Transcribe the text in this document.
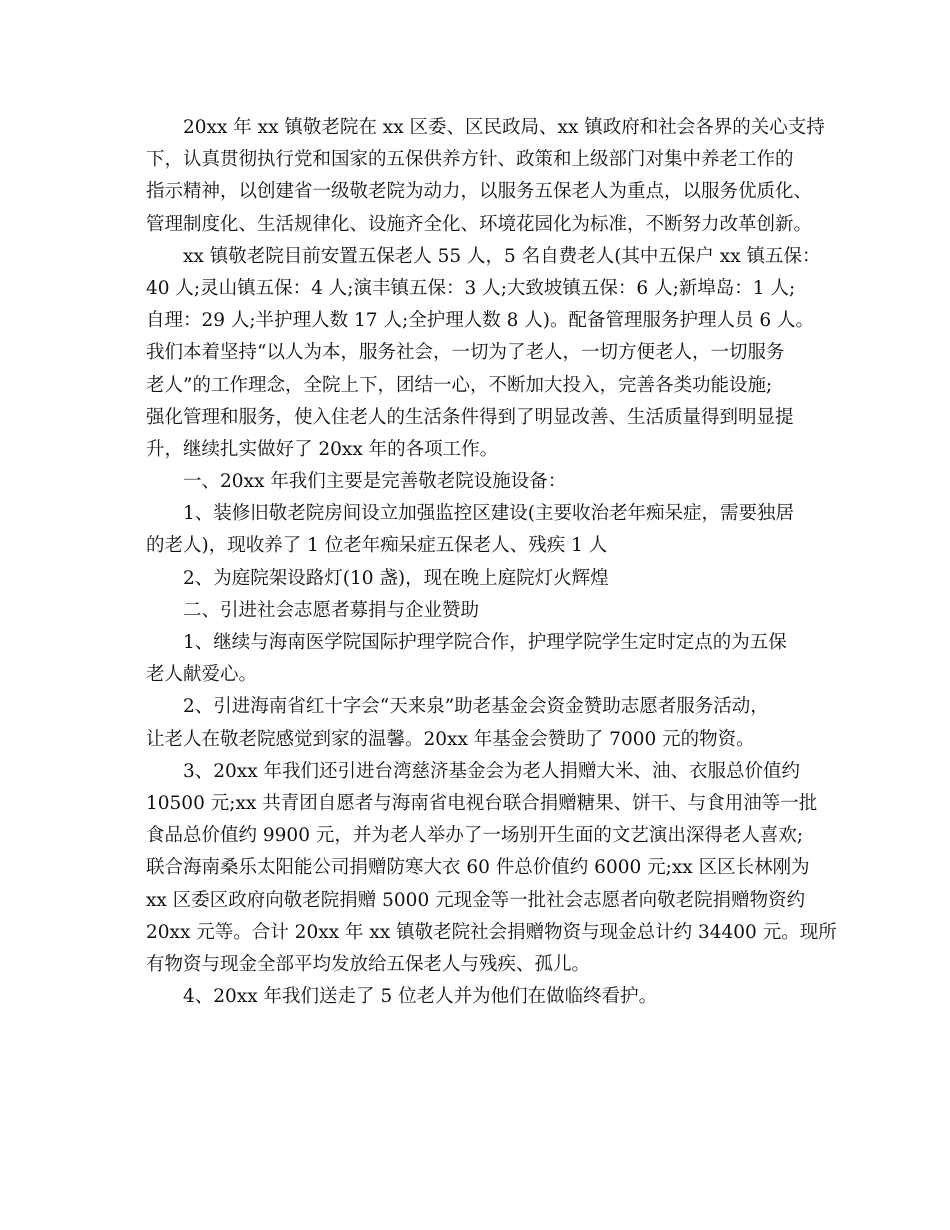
20xx 年 xx 镇敬老院在 xx 区委、区民政局、xx 镇政府和社会各界的关心支持
下，认真贯彻执行党和国家的五保供养方针、政策和上级部门对集中养老工作的
指示精神，以创建省一级敬老院为动力，以服务五保老人为重点，以服务优质化、
管理制度化、生活规律化、设施齐全化、环境花园化为标准，不断努力改革创新。
xx 镇敬老院目前安置五保老人 55 人，5 名自费老人(其中五保户 xx 镇五保：
40 人;灵山镇五保：4 人;演丰镇五保：3 人;大致坡镇五保：6 人;新埠岛：1 人;
自理：29 人;半护理人数 17 人;全护理人数 8 人)。配备管理服务护理人员 6 人。
我们本着坚持“以人为本，服务社会，一切为了老人，一切方便老人，一切服务
老人”的工作理念，全院上下，团结一心，不断加大投入，完善各类功能设施;
强化管理和服务，使入住老人的生活条件得到了明显改善、生活质量得到明显提
升，继续扎实做好了 20xx 年的各项工作。
一、20xx 年我们主要是完善敬老院设施设备：
1、装修旧敬老院房间设立加强监控区建设(主要收治老年痴呆症，需要独居
的老人)，现收养了 1 位老年痴呆症五保老人、残疾 1 人
2、为庭院架设路灯(10 盏)，现在晚上庭院灯火辉煌
二、引进社会志愿者募捐与企业赞助
1、继续与海南医学院国际护理学院合作，护理学院学生定时定点的为五保
老人献爱心。
2、引进海南省红十字会“天来泉”助老基金会资金赞助志愿者服务活动，
让老人在敬老院感觉到家的温馨。20xx 年基金会赞助了 7000 元的物资。
3、20xx 年我们还引进台湾慈济基金会为老人捐赠大米、油、衣服总价值约
10500 元;xx 共青团自愿者与海南省电视台联合捐赠糖果、饼干、与食用油等一批
食品总价值约 9900 元，并为老人举办了一场别开生面的文艺演出深得老人喜欢;
联合海南桑乐太阳能公司捐赠防寒大衣 60 件总价值约 6000 元;xx 区区长林刚为
xx 区委区政府向敬老院捐赠 5000 元现金等一批社会志愿者向敬老院捐赠物资约
20xx 元等。合计 20xx 年 xx 镇敬老院社会捐赠物资与现金总计约 34400 元。现所
有物资与现金全部平均发放给五保老人与残疾、孤儿。
4、20xx 年我们送走了 5 位老人并为他们在做临终看护。
